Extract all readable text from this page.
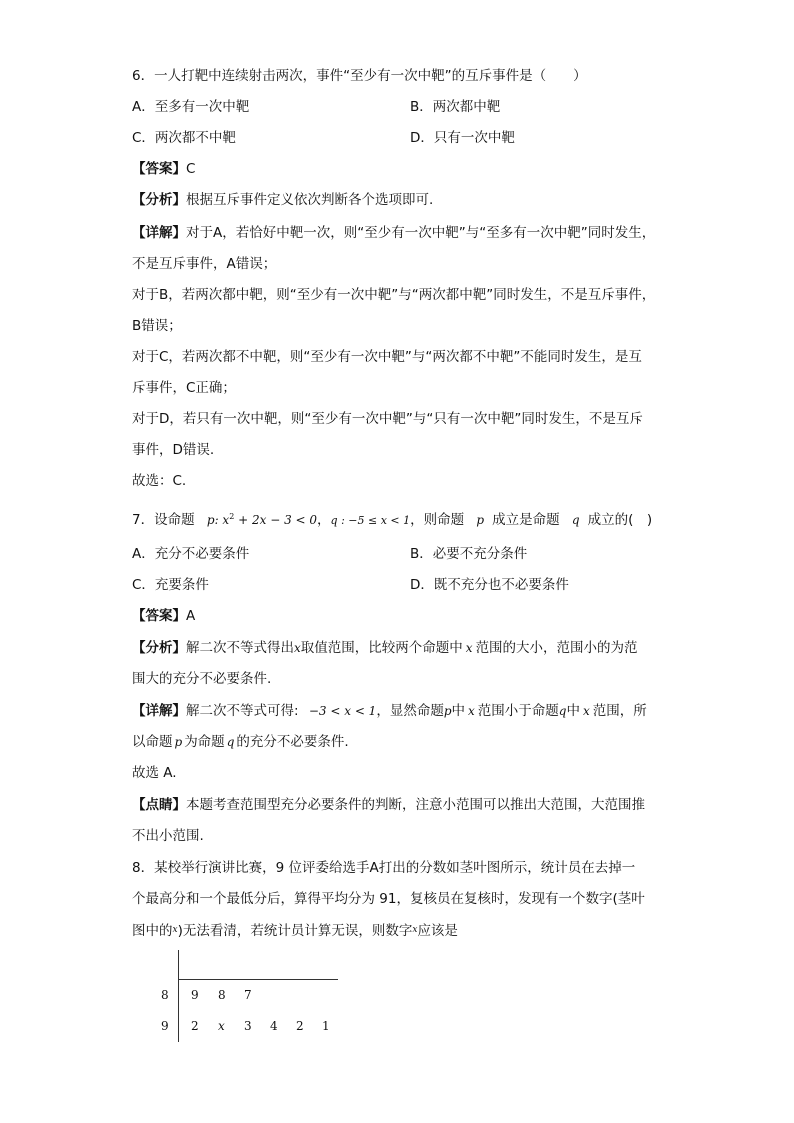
6．一人打靶中连续射击两次，事件“至少有一次中靶”的互斥事件是（　　）
A．至多有一次中靶	B．两次都中靶
C．两次都不中靶	D．只有一次中靶
【答案】C
【分析】根据互斥事件定义依次判断各个选项即可.
【详解】对于A，若恰好中靶一次，则“至少有一次中靶”与“至多有一次中靶”同时发生，
不是互斥事件，A错误；
对于B，若两次都中靶，则“至少有一次中靶”与“两次都中靶”同时发生，不是互斥事件，
B错误；
对于C，若两次都不中靶，则“至少有一次中靶”与“两次都不中靶”不能同时发生，是互
斥事件，C正确；
对于D，若只有一次中靶，则“至少有一次中靶”与“只有一次中靶”同时发生，不是互斥
事件，D错误.
故选：C.
7．设命题 p: $x^2 + 2x - 3 < 0$，q : −5 ≤ x < 1，则命题 p 成立是命题 q 成立的(　)
A．充分不必要条件	B．必要不充分条件
C．充要条件	D．既不充分也不必要条件
【答案】A
【分析】解二次不等式得出x取值范围，比较两个命题中 x 范围的大小，范围小的为范
围大的充分不必要条件.
【详解】解二次不等式可得: −3 < x < 1，显然命题p中 x 范围小于命题q中 x 范围，所
以命题 p 为命题 q 的充分不必要条件.
故选 A.
【点睛】本题考查范围型充分必要条件的判断，注意小范围可以推出大范围，大范围推
不出小范围.
8．某校举行演讲比赛，9 位评委给选手A打出的分数如茎叶图所示，统计员在去掉一
个最高分和一个最低分后，算得平均分为 91，复核员在复核时，发现有一个数字(茎叶
图中的$^x$)无法看清，若统计员计算无误，则数字$^x$应该是
8 9 8 7
9 2 x 3 4 2 1
